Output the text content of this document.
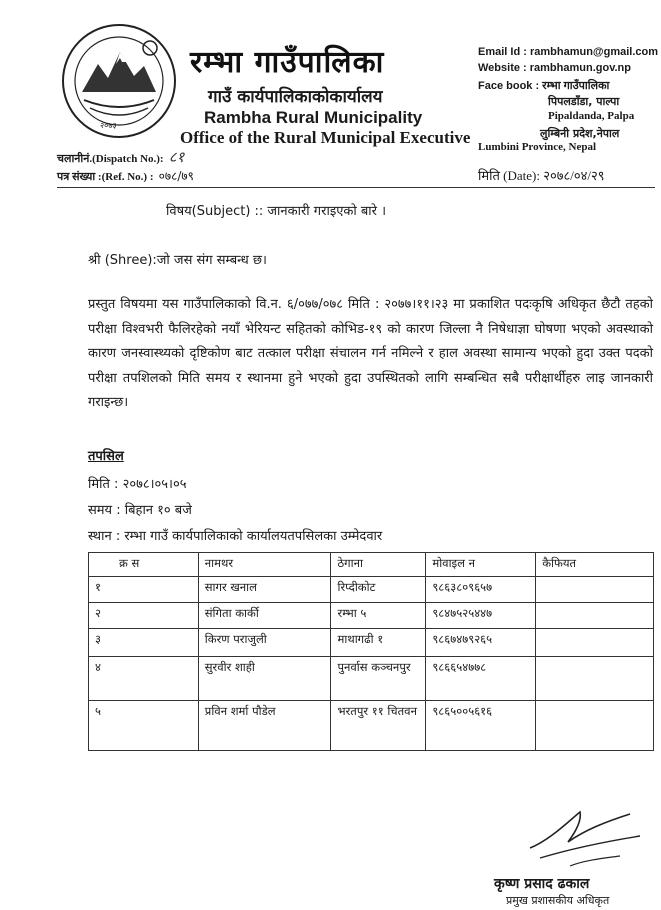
२०७३
रम्भा गाउँपालिका
गाउँ कार्यपालिकाकोकार्यालय
Rambha Rural Municipality
Office of the Rural Municipal Executive
Email Id : rambhamun@gmail.com
Website : rambhamun.gov.np
Face book : रम्भा गाउँपालिका
पिपलडाँडा, पाल्पा
Pipaldanda, Palpa
लुम्बिनी प्रदेश,नेपाल
Lumbini Province, Nepal
चलानीनं.(Dispatch No.): ८१
पत्र संख्या :(Ref. No.) : ०७८/७९	मिति (Date): २०७८/०४/२९
विषय(Subject) :: जानकारी गराइएको बारे ।
श्री (Shree):जो जस संग सम्बन्ध छ।
प्रस्तुत विषयमा यस गाउँपालिकाको वि.न. ६/०७७/०७८ मिति : २०७७।११।२३ मा प्रकाशित पदःकृषि अधिकृत छैटौ तहको परीक्षा विश्वभरी फैलिरहेको नयाँ भेरियन्ट सहितको कोभिड-१९ को कारण जिल्ला नै निषेधाज्ञा घोषणा भएको अवस्थाको कारण जनस्वास्थ्यको दृष्टिकोण बाट तत्काल परीक्षा संचालन गर्न नमिल्ने र हाल अवस्था सामान्य भएको हुदा उक्त पदको परीक्षा तपशिलको मिति समय र स्थानमा हुने भएको हुदा उपस्थितको लागि सम्बन्धित सबै परीक्षार्थीहरु लाइ जानकारी गराइन्छ।
तपसिल
मिति : २०७८।०५।०५
समय : बिहान १० बजे
स्थान : रम्भा गाउँ कार्यपालिकाको कार्यालयतपसिलका उम्मेदवार
क्र स	नामथर	ठेगाना	मोवाइल न	कैफियत
१	सागर खनाल	रिप्दीकोट	९८६३८०९६५७	
२	संगिता कार्की	रम्भा ५	९८४७५२५४४७	
३	किरण पराजुली	माथागढी १	९८६७४७९२६५	
४	सुरवीर शाही	पुनर्वास कञ्चनपुर	९८६६५४७७८	
५	प्रविन शर्मा पौडेल	भरतपुर ११ चितवन	९८६५००५६१६	
कृष्ण प्रसाद ढकाल
प्रमुख प्रशासकीय अधिकृत
